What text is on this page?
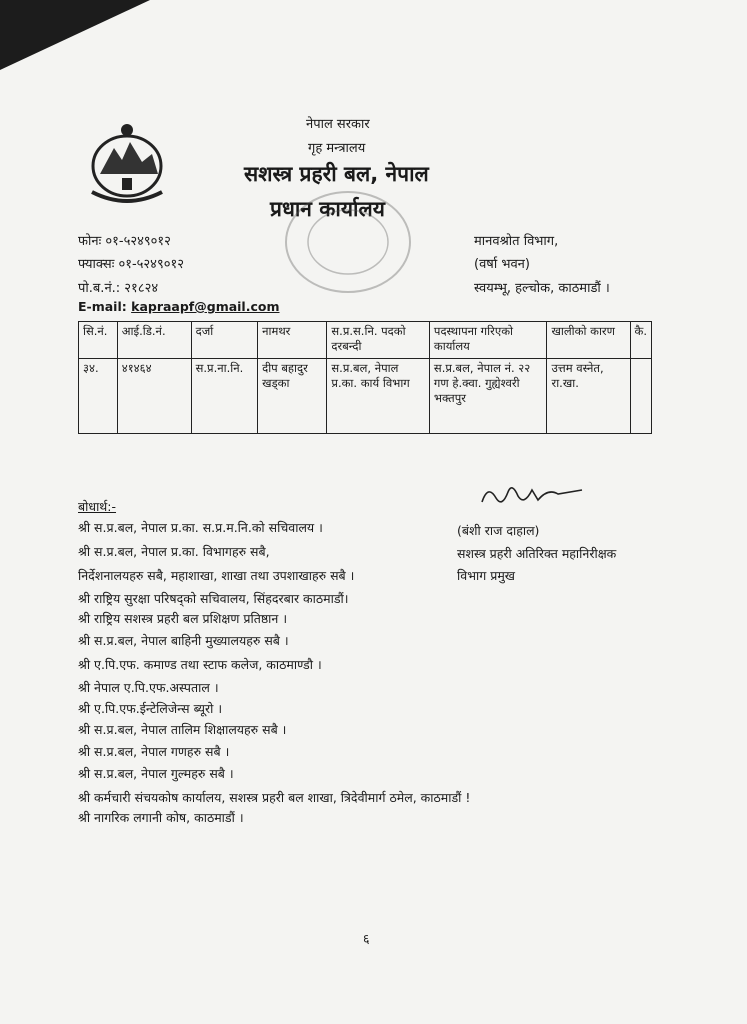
नेपाल सरकार
गृह मन्त्रालय
सशस्त्र प्रहरी बल, नेपाल
प्रधान कार्यालय
फोनः ०१-५२४९०१२
फ्याक्सः ०१-५२४९०१२
पो.ब.नं.: २१८२४
E-mail: kapraapf@gmail.com
मानवश्रोत विभाग,
(वर्षा भवन)
स्वयम्भू, हल्चोक, काठमाडौं ।
सि.नं.	आई.डि.नं.	दर्जा	नामथर	स.प्र.स.नि. पदको दरबन्दी	पदस्थापना गरिएको कार्यालय	खालीको कारण	कै.
३४.	४१४६४	स.प्र.ना.नि.	दीप बहादुर खड्का	स.प्र.बल, नेपाल प्र.का. कार्य विभाग	स.प्र.बल, नेपाल नं. २२ गण हे.क्वा. गुह्येश्वरी भक्तपुर	उत्तम वस्नेत, रा.खा.	
बोधार्थ:-
श्री स.प्र.बल, नेपाल प्र.का. स.प्र.म.नि.को सचिवालय ।
श्री स.प्र.बल, नेपाल प्र.का. विभागहरु सबै,
निर्देशनालयहरु सबै, महाशाखा, शाखा तथा उपशाखाहरु सबै ।
श्री राष्ट्रिय सुरक्षा परिषद्को सचिवालय, सिंहदरबार काठमाडौं।
श्री राष्ट्रिय सशस्त्र प्रहरी बल प्रशिक्षण प्रतिष्ठान ।
श्री स.प्र.बल, नेपाल बाहिनी मुख्यालयहरु सबै ।
श्री ए.पि.एफ. कमाण्ड तथा स्टाफ कलेज, काठमाण्डौ ।
श्री नेपाल ए.पि.एफ.अस्पताल ।
श्री ए.पि.एफ.ईन्टेलिजेन्स ब्यूरो ।
श्री स.प्र.बल, नेपाल तालिम शिक्षालयहरु सबै ।
श्री स.प्र.बल, नेपाल गणहरु सबै ।
श्री स.प्र.बल, नेपाल गुल्महरु सबै ।
श्री कर्मचारी संचयकोष कार्यालय, सशस्त्र प्रहरी बल शाखा, त्रिदेवीमार्ग ठमेल, काठमाडौं !
श्री नागरिक लगानी कोष, काठमाडौं ।
(बंशी राज दाहाल)
सशस्त्र प्रहरी अतिरिक्त महानिरीक्षक
विभाग प्रमुख
६
